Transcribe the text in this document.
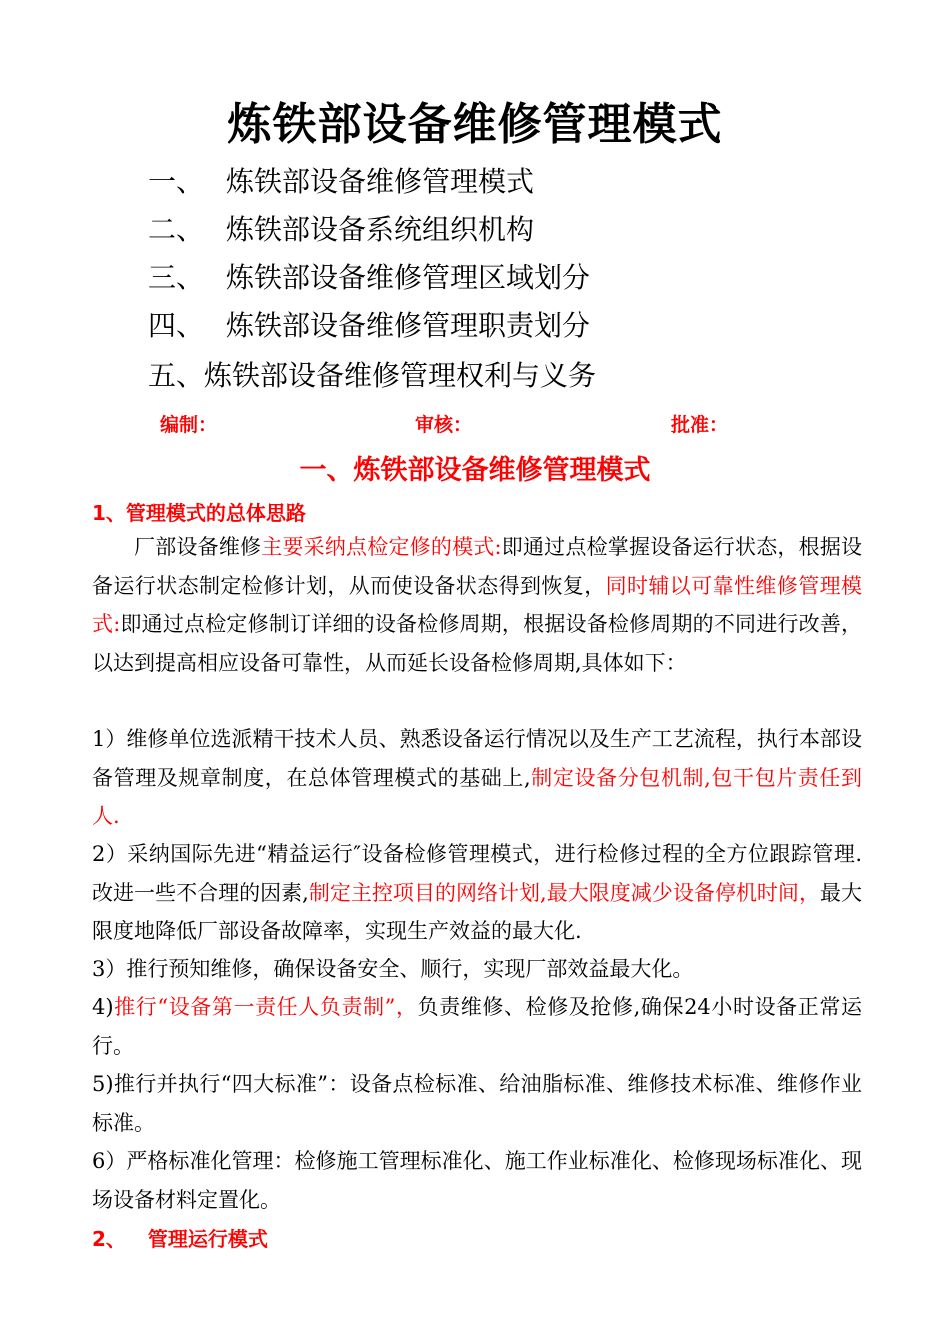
炼铁部设备维修管理模式
一、 炼铁部设备维修管理模式
二、 炼铁部设备系统组织机构
三、 炼铁部设备维修管理区域划分
四、 炼铁部设备维修管理职责划分
五、炼铁部设备维修管理权利与义务
编制：	审核：	批准：
一、炼铁部设备维修管理模式
1、管理模式的总体思路
厂部设备维修主要采纳点检定修的模式:即通过点检掌握设备运行状态，根据设备运行状态制定检修计划，从而使设备状态得到恢复，同时辅以可靠性维修管理模式:即通过点检定修制订详细的设备检修周期，根据设备检修周期的不同进行改善，以达到提高相应设备可靠性，从而延长设备检修周期,具体如下：
1）维修单位选派精干技术人员、熟悉设备运行情况以及生产工艺流程，执行本部设备管理及规章制度，在总体管理模式的基础上,制定设备分包机制,包干包片责任到人.
2）采纳国际先进“精益运行″设备检修管理模式，进行检修过程的全方位跟踪管理.改进一些不合理的因素,制定主控项目的网络计划,最大限度减少设备停机时间，最大限度地降低厂部设备故障率，实现生产效益的最大化.
3）推行预知维修，确保设备安全、顺行，实现厂部效益最大化。
4)推行“设备第一责任人负责制”，负责维修、检修及抢修,确保24小时设备正常运行。
5)推行并执行“四大标准”：设备点检标准、给油脂标准、维修技术标准、维修作业标准。
6）严格标准化管理：检修施工管理标准化、施工作业标准化、检修现场标准化、现场设备材料定置化。
2、 管理运行模式
